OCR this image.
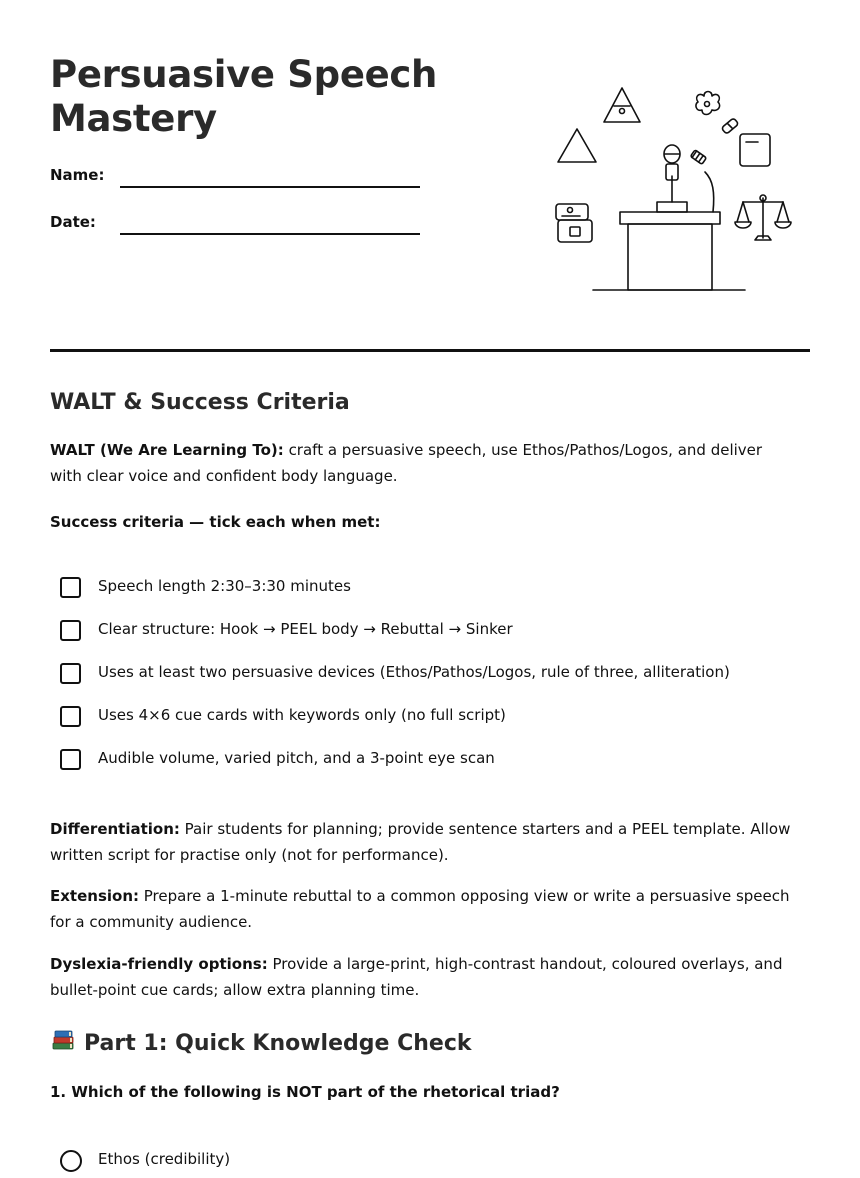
Persuasive Speech Mastery
Name:
Date:
WALT & Success Criteria

WALT (We Are Learning To): craft a persuasive speech, use Ethos/Pathos/Logos, and deliver with clear voice and confident body language.

Success criteria — tick each when met:

Speech length 2:30–3:30 minutes
Clear structure: Hook → PEEL body → Rebuttal → Sinker
Uses at least two persuasive devices (Ethos/Pathos/Logos, rule of three, alliteration)
Uses 4×6 cue cards with keywords only (no full script)
Audible volume, varied pitch, and a 3-point eye scan

Differentiation: Pair students for planning; provide sentence starters and a PEEL template. Allow written script for practise only (not for performance).

Extension: Prepare a 1-minute rebuttal to a common opposing view or write a persuasive speech for a community audience.

Dyslexia-friendly options: Provide a large-print, high-contrast handout, coloured overlays, and bullet-point cue cards; allow extra planning time.

Part 1: Quick Knowledge Check

1. Which of the following is NOT part of the rhetorical triad?

Ethos (credibility)
